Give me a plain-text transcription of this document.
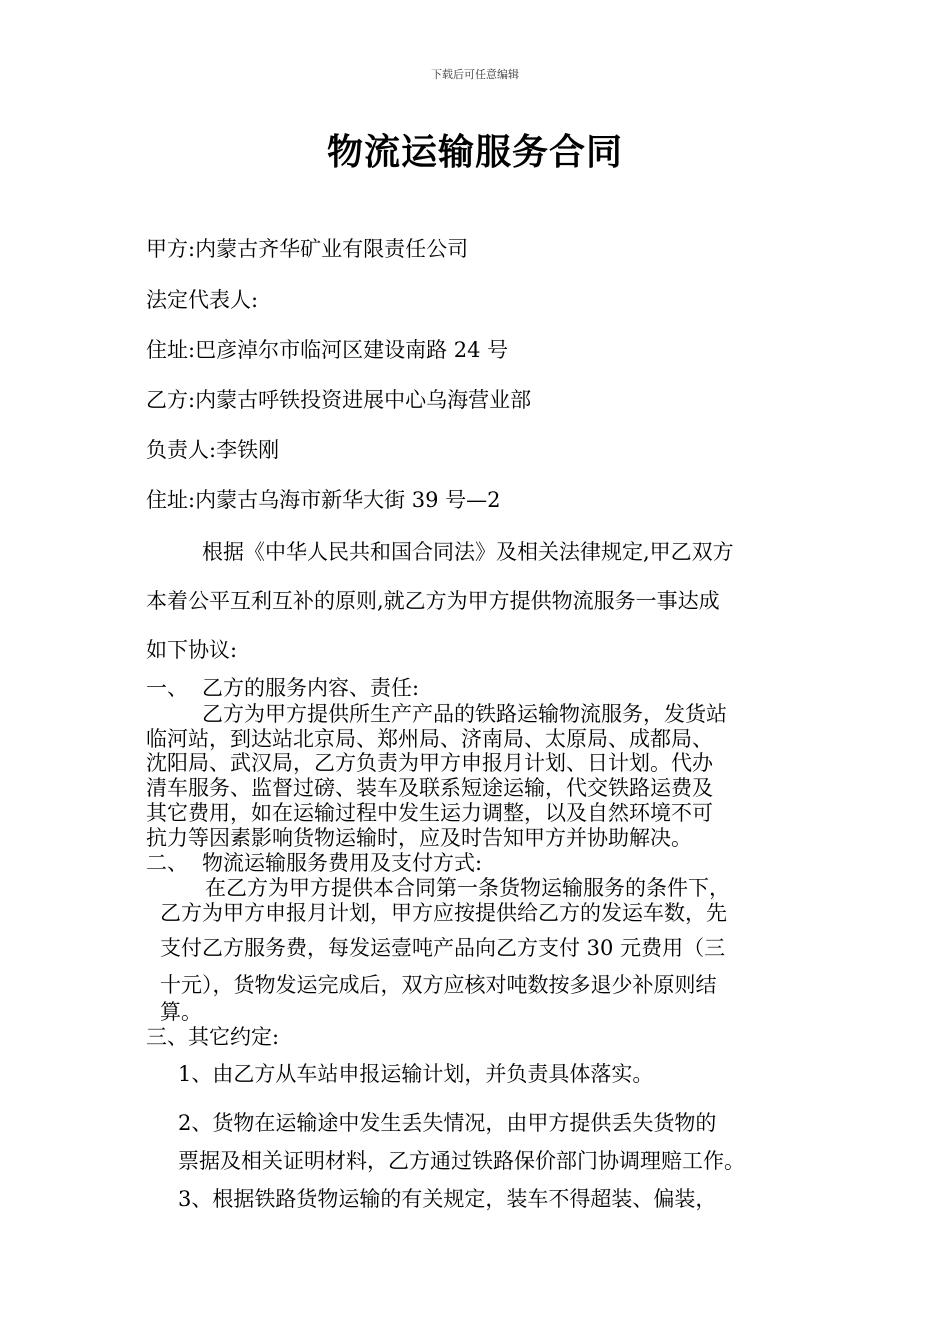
下载后可任意编辑
物流运输服务合同
甲方:内蒙古齐华矿业有限责任公司
法定代表人:
住址:巴彦淖尔市临河区建设南路 24 号
乙方:内蒙古呼铁投资进展中心乌海营业部
负责人:李铁刚
住址:内蒙古乌海市新华大街 39 号—2
根据《中华人民共和国合同法》及相关法律规定,甲乙双方
本着公平互利互补的原则,就乙方为甲方提供物流服务一事达成
如下协议:
一、 乙方的服务内容、责任:
乙方为甲方提供所生产产品的铁路运输物流服务，发货站
临河站，到达站北京局、郑州局、济南局、太原局、成都局、
沈阳局、武汉局，乙方负责为甲方申报月计划、日计划。代办
清车服务、监督过磅、装车及联系短途运输，代交铁路运费及
其它费用，如在运输过程中发生运力调整，以及自然环境不可
抗力等因素影响货物运输时，应及时告知甲方并协助解决。
二、 物流运输服务费用及支付方式:
在乙方为甲方提供本合同第一条货物运输服务的条件下，
乙方为甲方申报月计划，甲方应按提供给乙方的发运车数，先
支付乙方服务费，每发运壹吨产品向乙方支付 30 元费用（三
十元），货物发运完成后，双方应核对吨数按多退少补原则结
算。
三、其它约定:
1、由乙方从车站申报运输计划，并负责具体落实。
2、货物在运输途中发生丢失情况，由甲方提供丢失货物的
票据及相关证明材料，乙方通过铁路保价部门协调理赔工作。
3、根据铁路货物运输的有关规定，装车不得超装、偏装，
